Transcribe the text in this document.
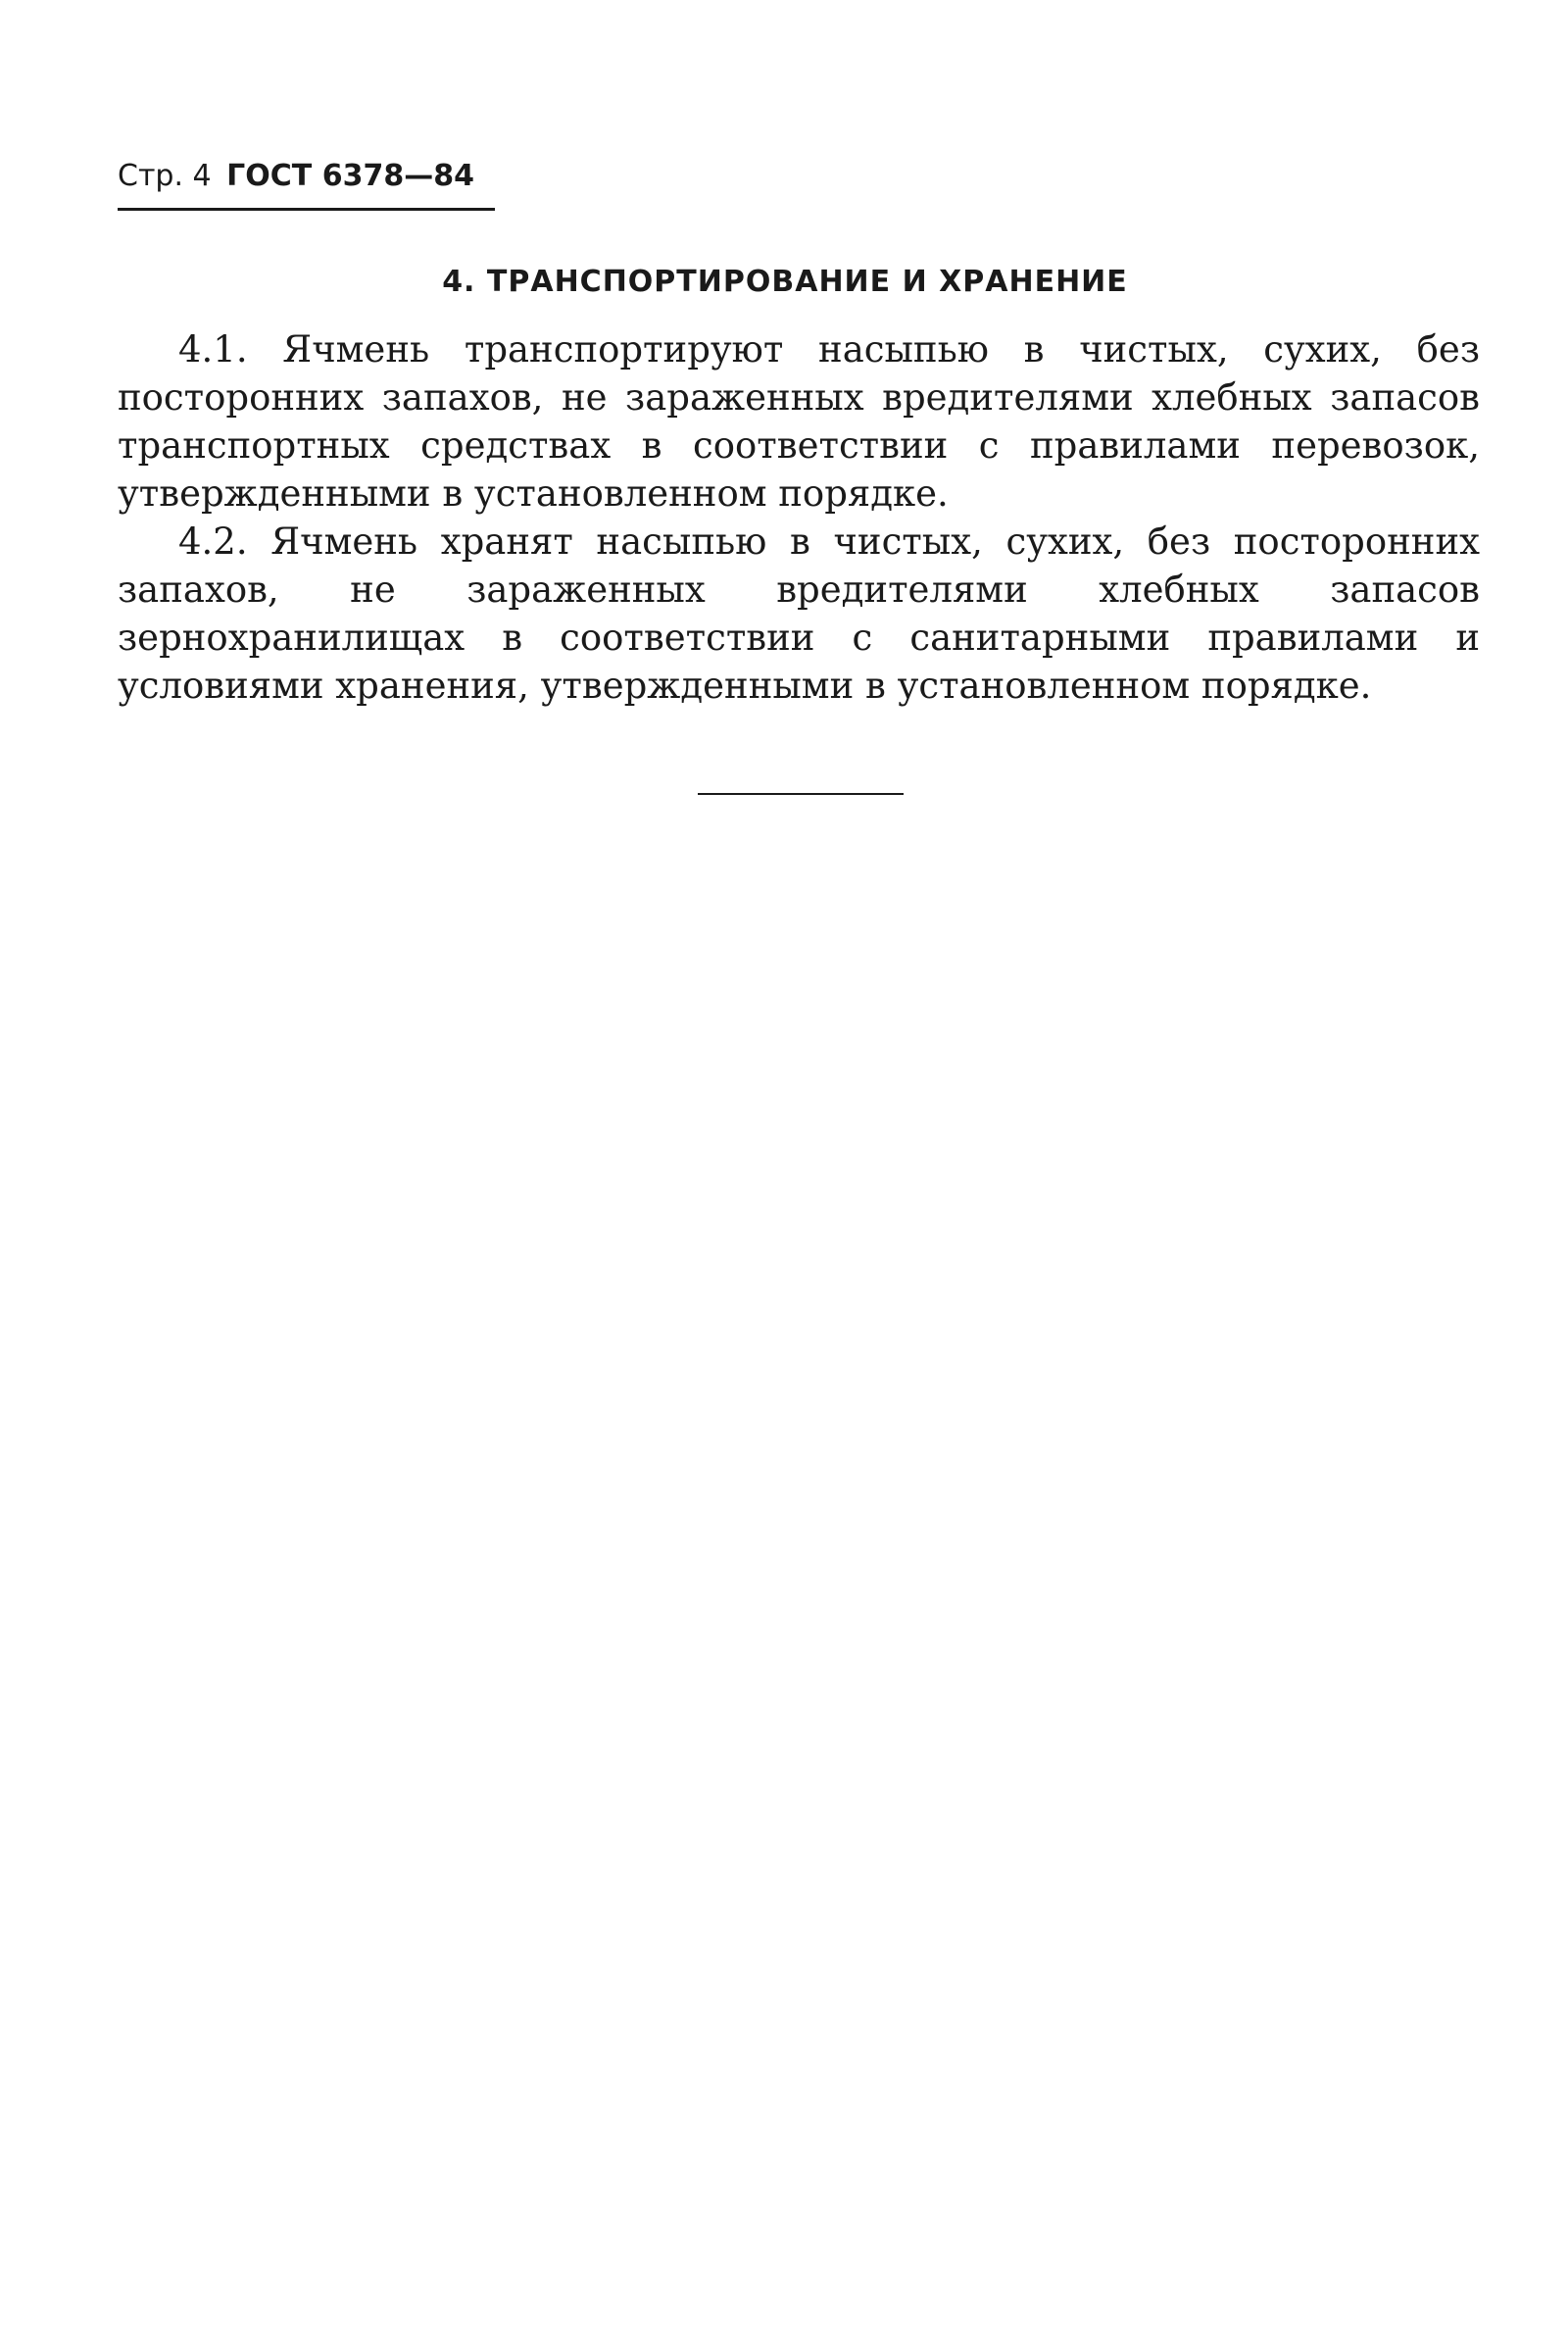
Стр. 4 ГОСТ 6378—84
4. ТРАНСПОРТИРОВАНИЕ И ХРАНЕНИЕ

4.1. Ячмень транспортируют насыпью в чистых, сухих, без посторонних запахов, не зараженных вредителями хлебных запасов транспортных средствах в соответствии с правилами перевозок, утвержденными в установленном порядке.

4.2. Ячмень хранят насыпью в чистых, сухих, без посторонних запахов, не зараженных вредителями хлебных запасов зернохранилищах в соответствии с санитарными правилами и условиями хранения, утвержденными в установленном порядке.
